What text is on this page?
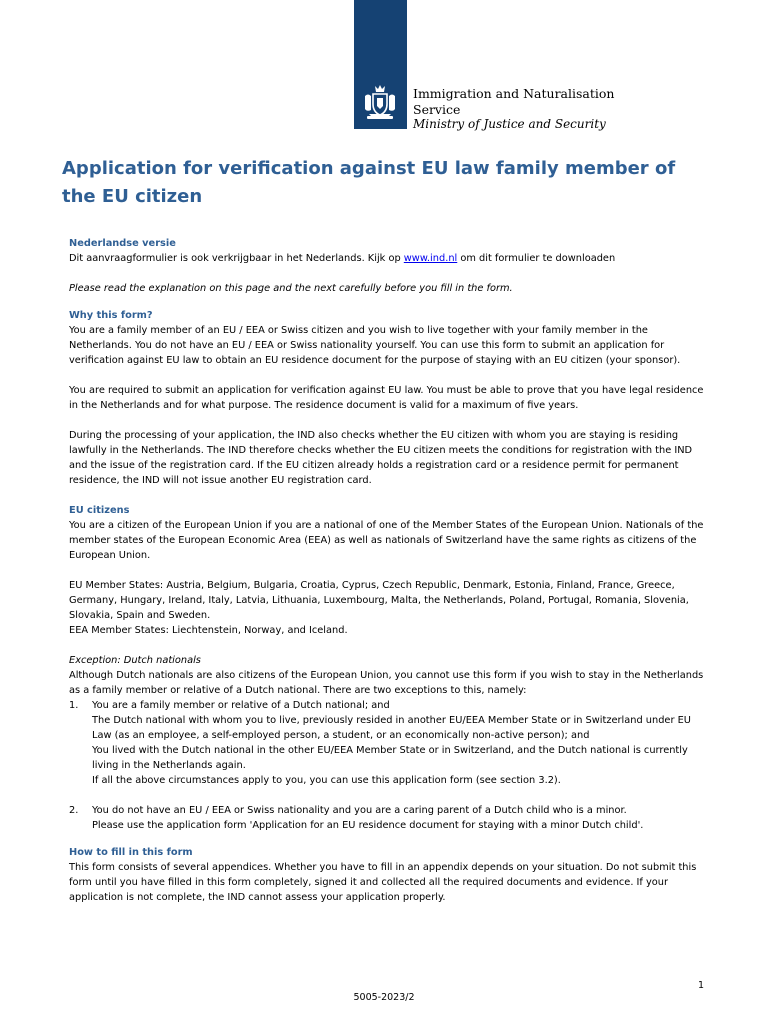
Immigration and Naturalisation
Service
Ministry of Justice and Security
Application for verification against EU law family member of the EU citizen

Nederlandse versie

Dit aanvraagformulier is ook verkrijgbaar in het Nederlands. Kijk op www.ind.nl om dit formulier te downloaden

Please read the explanation on this page and the next carefully before you fill in the form.

Why this form?

You are a family member of an EU / EEA or Swiss citizen and you wish to live together with your family member in the Netherlands. You do not have an EU / EEA or Swiss nationality yourself. You can use this form to submit an application for verification against EU law to obtain an EU residence document for the purpose of staying with an EU citizen (your sponsor).

You are required to submit an application for verification against EU law. You must be able to prove that you have legal residence in the Netherlands and for what purpose. The residence document is valid for a maximum of five years.

During the processing of your application, the IND also checks whether the EU citizen with whom you are staying is residing lawfully in the Netherlands. The IND therefore checks whether the EU citizen meets the conditions for registration with the IND and the issue of the registration card. If the EU citizen already holds a registration card or a residence permit for permanent residence, the IND will not issue another EU registration card.

EU citizens

You are a citizen of the European Union if you are a national of one of the Member States of the European Union. Nationals of the member states of the European Economic Area (EEA) as well as nationals of Switzerland have the same rights as citizens of the European Union.

EU Member States: Austria, Belgium, Bulgaria, Croatia, Cyprus, Czech Republic, Denmark, Estonia, Finland, France, Greece, Germany, Hungary, Ireland, Italy, Latvia, Lithuania, Luxembourg, Malta, the Netherlands, Poland, Portugal, Romania, Slovenia, Slovakia, Spain and Sweden.

EEA Member States: Liechtenstein, Norway, and Iceland.

Exception: Dutch nationals

Although Dutch nationals are also citizens of the European Union, you cannot use this form if you wish to stay in the Netherlands as a family member or relative of a Dutch national. There are two exceptions to this, namely:

1.	You are a family member or relative of a Dutch national; and

The Dutch national with whom you to live, previously resided in another EU/EEA Member State or in Switzerland under EU Law (as an employee, a self-employed person, a student, or an economically non-active person); and

You lived with the Dutch national in the other EU/EEA Member State or in Switzerland, and the Dutch national is currently living in the Netherlands again.

If all the above circumstances apply to you, you can use this application form (see section 3.2).

2.	You do not have an EU / EEA or Swiss nationality and you are a caring parent of a Dutch child who is a minor.

Please use the application form 'Application for an EU residence document for staying with a minor Dutch child'.

How to fill in this form

This form consists of several appendices. Whether you have to fill in an appendix depends on your situation. Do not submit this form until you have filled in this form completely, signed it and collected all the required documents and evidence. If your application is not complete, the IND cannot assess your application properly.

1
5005-2023/2
